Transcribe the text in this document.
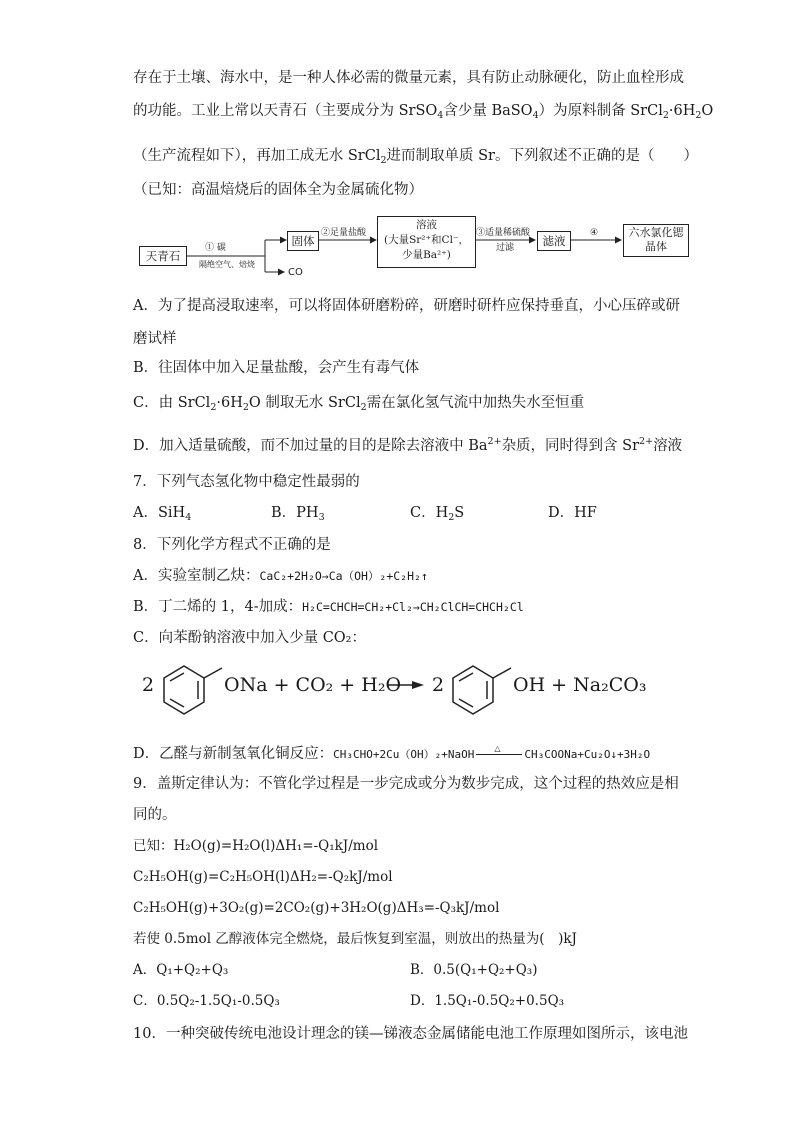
存在于土壤、海水中，是一种人体必需的微量元素，具有防止动脉硬化，防止血栓形成
的功能。工业上常以天青石（主要成分为 SrSO$_4$含少量 BaSO$_4$）为原料制备 $SrCl_2\cdot 6H_2O$
（生产流程如下），再加工成无水 SrCl$_2$进而制取单质 Sr。下列叙述不正确的是（　　）
（已知：高温焙烧后的固体全为金属硫化物）
天青石
① 碳
隔绝空气、焙烧
固体
CO
②足量盐酸
溶液
(大量Sr²⁺和Cl⁻，
少量Ba²⁺)
③适量稀硫酸
过滤	滤液
④	六水氯化锶
晶体
A．为了提高浸取速率，可以将固体研磨粉碎，研磨时研杵应保持垂直，小心压碎或研
磨试样
B．往固体中加入足量盐酸，会产生有毒气体
C．由 $SrCl_2\cdot 6H_2O$ 制取无水 SrCl$_2$需在氯化氢气流中加热失水至恒重
D．加入适量硫酸，而不加过量的目的是除去溶液中 $Ba^{2+}$杂质，同时得到含 $Sr^{2+}$溶液
7．下列气态氢化物中稳定性最弱的
A．SiH$_4$	B．$PH_3$	C．$H_2S$	D．HF
8．下列化学方程式不正确的是
A．实验室制乙炔：CaC₂+2H₂O→Ca（OH）₂+C₂H₂↑
B．丁二烯的 1，4-加成：H₂C=CHCH=CH₂+Cl₂→CH₂ClCH=CHCH₂Cl
C．向苯酚钠溶液中加入少量 CO₂：
2	ONa + CO₂ + H₂O 2	OH + Na₂CO₃
D．乙醛与新制氢氧化铜反应：CH₃CHO+2Cu（OH）₂+NaOH	△ CH₃COONa+Cu₂O↓+3H₂O
9．盖斯定律认为：不管化学过程是一步完成或分为数步完成，这个过程的热效应是相
同的。
已知：H₂O(g)=H₂O(l)ΔH₁=-Q₁kJ/mol
C₂H₅OH(g)=C₂H₅OH(l)ΔH₂=-Q₂kJ/mol
C₂H₅OH(g)+3O₂(g)=2CO₂(g)+3H₂O(g)ΔH₃=-Q₃kJ/mol
若使 0.5mol 乙醇液体完全燃烧，最后恢复到室温，则放出的热量为(　)kJ
A．Q₁+Q₂+Q₃	B．0.5(Q₁+Q₂+Q₃)
C．0.5Q₂-1.5Q₁-0.5Q₃	D．1.5Q₁-0.5Q₂+0.5Q₃
10．一种突破传统电池设计理念的镁—锑液态金属储能电池工作原理如图所示，该电池
